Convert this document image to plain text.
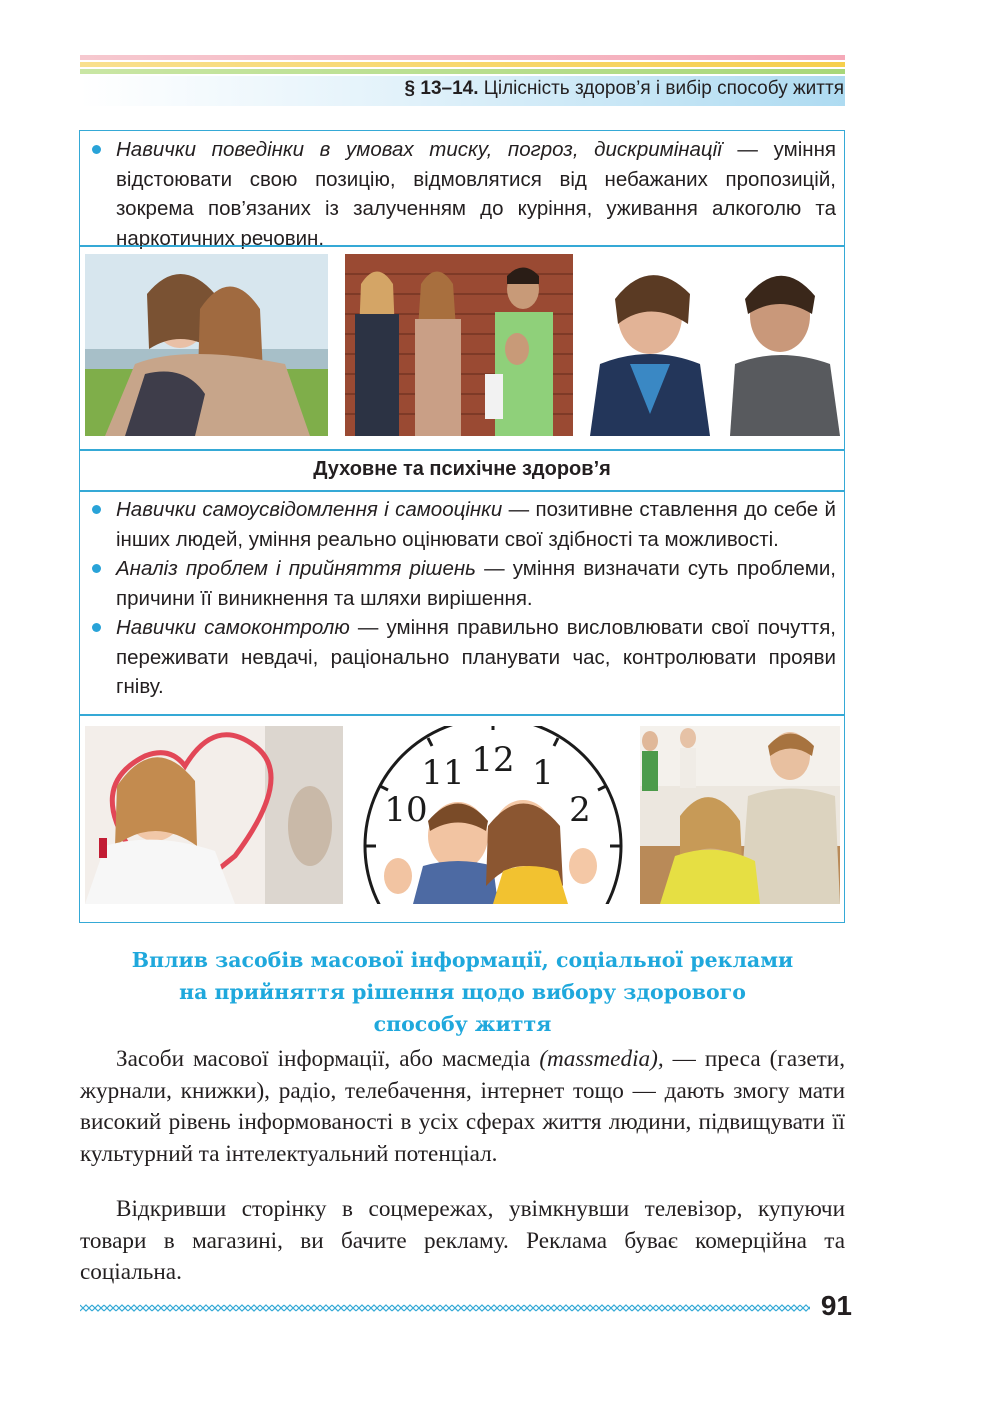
§ 13–14. Цілісність здоров’я і вибір способу життя
Навички поведінки в умовах тиску, погроз, дискримінації — уміння відстоювати свою позицію, відмовлятися від небажаних пропозицій, зокрема пов’язаних із залученням до куріння, уживання алкоголю та наркотичних речовин.
Духовне та психічне здоров’я
Навички самоусвідомлення і самооцінки — позитивне ставлення до себе й інших людей, уміння реально оцінювати свої здібності та можливості.
Аналіз проблем і прийняття рішень — уміння визначати суть проблеми, причини її виникнення та шляхи вирішення.
Навички самоконтролю — уміння правильно висловлювати свої почуття, переживати невдачі, раціонально планувати час, контролювати прояви гніву.
12
11
10
1
2
Вплив засобів масової інформації, соціальної реклами
на прийняття рішення щодо вибору здорового
способу життя

Засоби масової інформації, або масмедіа (massmedia), — преса (газети, журнали, книжки), радіо, телебачення, інтернет тощо — дають змогу мати високий рівень інформованості в усіх сферах життя людини, підвищувати її культурний та інтелектуальний потенціал.

Відкривши сторінку в соцмережах, увімкнувши телевізор, купуючи товари в магазині, ви бачите рекламу. Реклама буває комерційна та соціальна.

91
